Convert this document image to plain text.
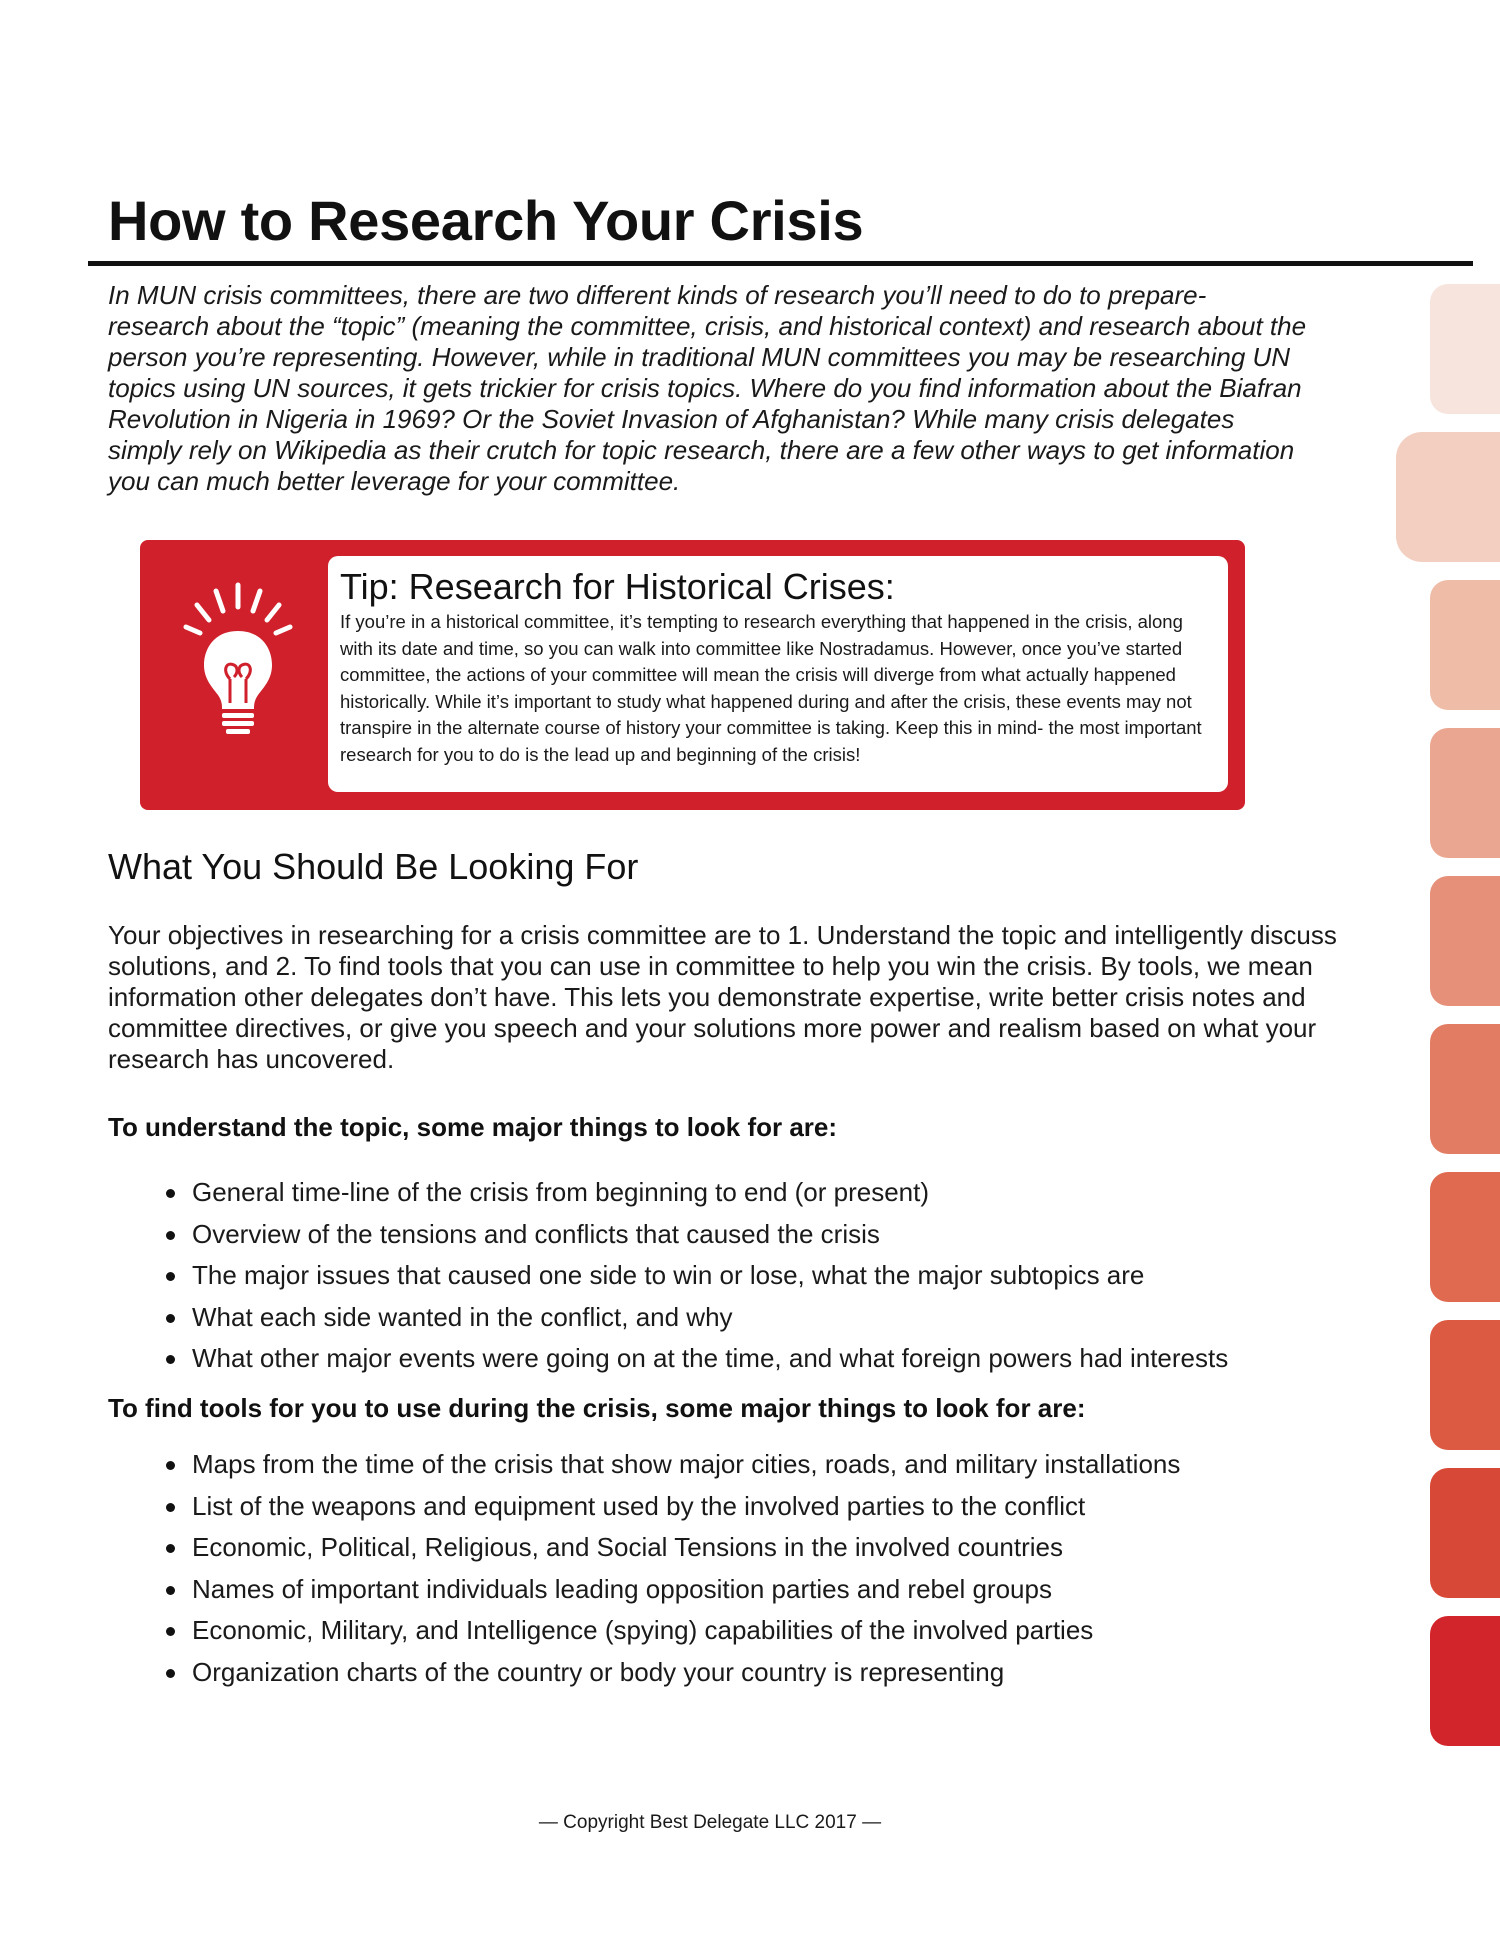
How to Research Your Crisis

In MUN crisis committees, there are two different kinds of research you’ll need to do to prepare- research about the “topic” (meaning the committee, crisis, and historical context) and research about the person you’re representing. However, while in traditional MUN committees you may be researching UN topics using UN sources, it gets trickier for crisis topics. Where do you find information about the Biafran Revolution in Nigeria in 1969? Or the Soviet Invasion of Afghanistan? While many crisis delegates simply rely on Wikipedia as their crutch for topic research, there are a few other ways to get information you can much better leverage for your committee.

Tip: Research for Historical Crises:

If you’re in a historical committee, it’s tempting to research everything that happened in the crisis, along with its date and time, so you can walk into committee like Nostradamus. However, once you’ve started committee, the actions of your committee will mean the crisis will diverge from what actually happened historically. While it’s important to study what happened during and after the crisis, these events may not transpire in the alternate course of history your committee is taking. Keep this in mind- the most important research for you to do is the lead up and beginning of the crisis!

What You Should Be Looking For

Your objectives in researching for a crisis committee are to 1. Understand the topic and intelligently discuss solutions, and 2. To find tools that you can use in committee to help you win the crisis. By tools, we mean information other delegates don’t have. This lets you demonstrate expertise, write better crisis notes and committee directives, or give you speech and your solutions more power and realism based on what your research has uncovered.

To understand the topic, some major things to look for are:
General time-line of the crisis from beginning to end (or present)
Overview of the tensions and conflicts that caused the crisis
The major issues that caused one side to win or lose, what the major subtopics are
What each side wanted in the conflict, and why
What other major events were going on at the time, and what foreign powers had interests
To find tools for you to use during the crisis, some major things to look for are:
Maps from the time of the crisis that show major cities, roads, and military installations
List of the weapons and equipment used by the involved parties to the conflict
Economic, Political, Religious, and Social Tensions in the involved countries
Names of important individuals leading opposition parties and rebel groups
Economic, Military, and Intelligence (spying) capabilities of the involved parties
Organization charts of the country or body your country is representing

— Copyright Best Delegate LLC 2017 —
